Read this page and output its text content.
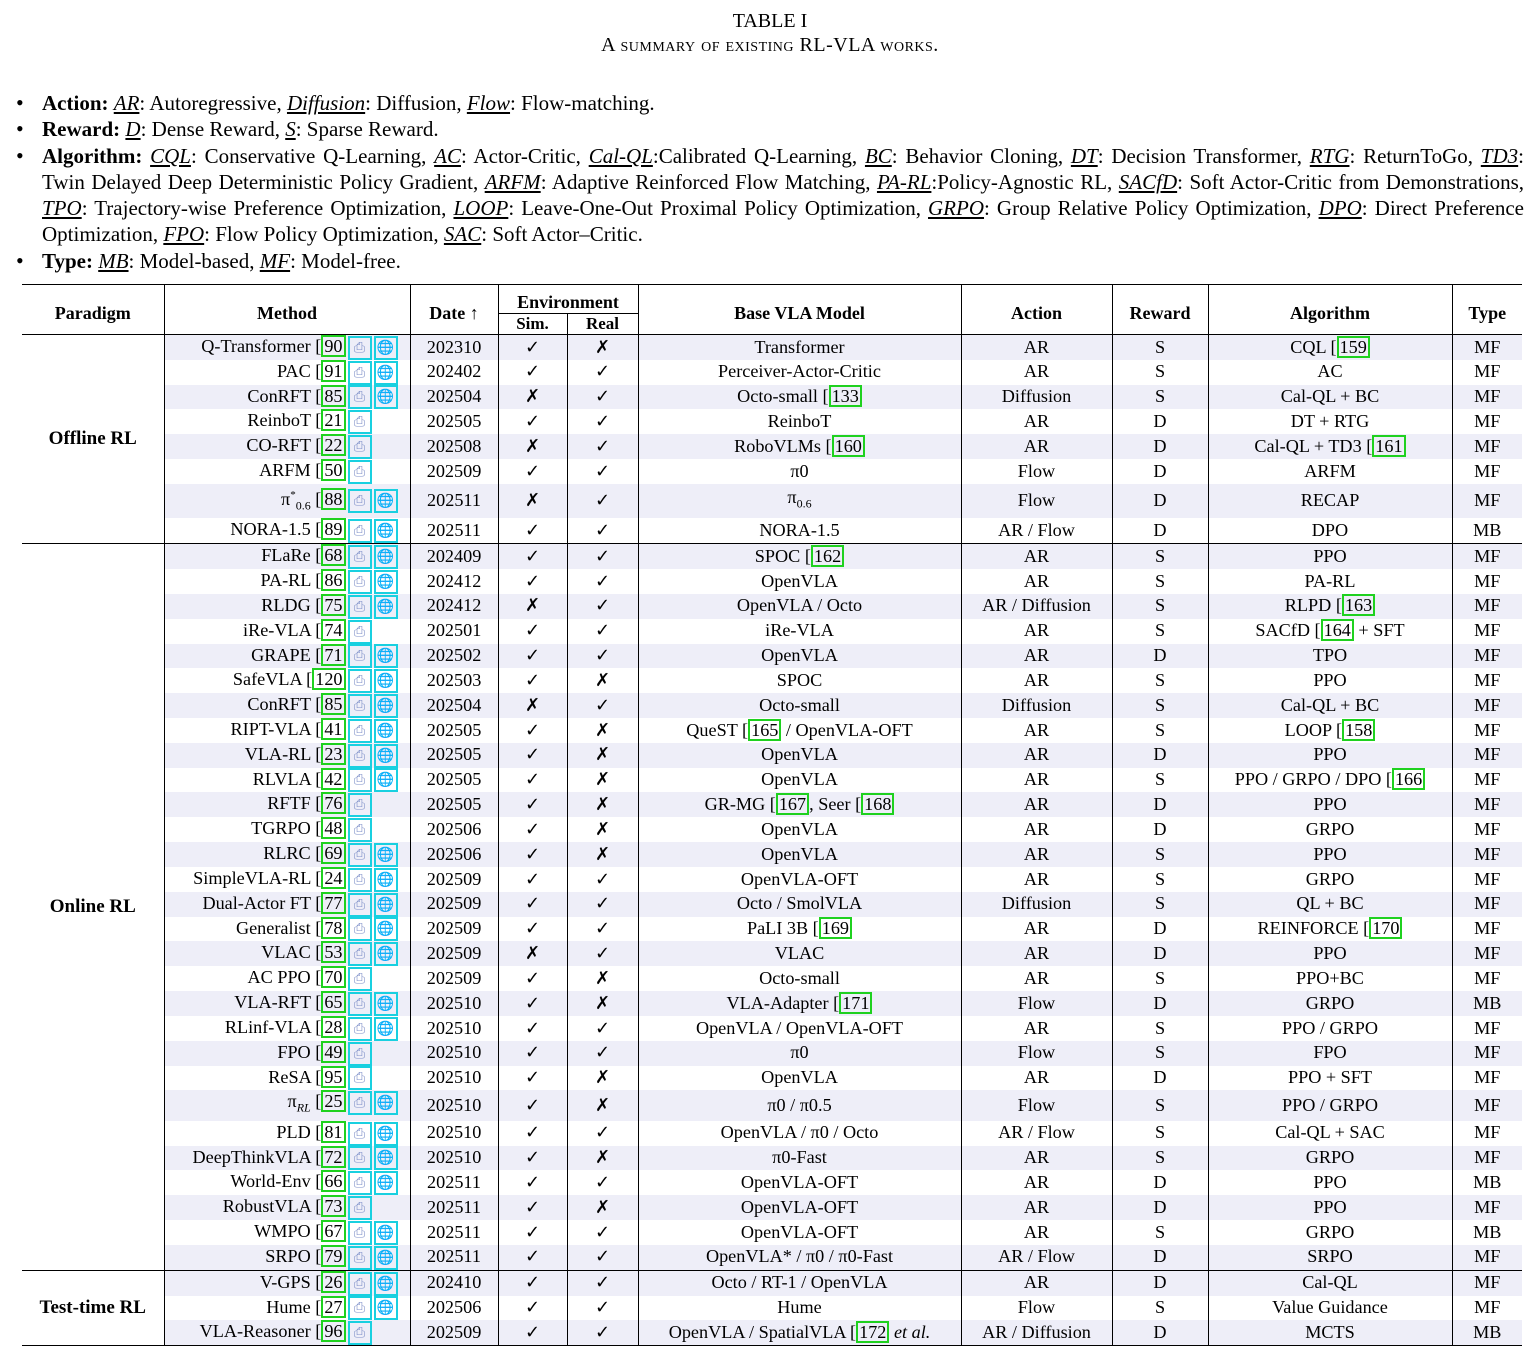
TABLE I
A summary of existing RL-VLA works.
• Action: AR: Autoregressive, Diffusion: Diffusion, Flow: Flow-matching.
• Reward: D: Dense Reward, S: Sparse Reward.
• Algorithm: CQL: Conservative Q-Learning, AC: Actor-Critic, Cal-QL:Calibrated Q-Learning, BC: Behavior Cloning, DT: Decision Transformer, RTG: ReturnToGo, TD3: Twin Delayed Deep Deterministic Policy Gradient, ARFM: Adaptive Reinforced Flow Matching, PA-RL:Policy-Agnostic RL, SACfD: Soft Actor-Critic from Demonstrations, TPO: Trajectory-wise Preference Optimization, LOOP: Leave-One-Out Proximal Policy Optimization, GRPO: Group Relative Policy Optimization, DPO: Direct Preference Optimization, FPO: Flow Policy Optimization, SAC: Soft Actor–Critic.
• Type: MB: Model-based, MF: Model-free.
Paradigm	Method	Date ↑	Environment		Base VLA Model	Action	Reward	Algorithm	Type
			Sim.	Real					
Offline RL	Q-Transformer [ 90 ⎙ 🌐	202310	✓	✗	Transformer	AR	S	CQL [ 159	MF
	PAC [ 91 ⎙ 🌐	202402	✓	✓	Perceiver-Actor-Critic	AR	S	AC	MF
	ConRFT [ 85 ⎙ 🌐	202504	✗	✓	Octo-small [ 133	Diffusion	S	Cal-QL + BC	MF
	ReinboT [ 21 ⎙	202505	✓	✓	ReinboT	AR	D	DT + RTG	MF
	CO-RFT [ 22 ⎙	202508	✗	✓	RoboVLMs [ 160	AR	D	Cal-QL + TD3 [ 161	MF
	ARFM [ 50 ⎙	202509	✓	✓	π0	Flow	D	ARFM	MF
	$\pi^*_{0.6}$ [ 88 ⎙ 🌐	202511	✗	✓	$\pi_{0.6}$	Flow	D	RECAP	MF
	NORA-1.5 [ 89 ⎙ 🌐	202511	✓	✓	NORA-1.5	AR / Flow	D	DPO	MB
Online RL	FLaRe [ 68 ⎙ 🌐	202409	✓	✓	SPOC [ 162	AR	S	PPO	MF
	PA-RL [ 86 ⎙ 🌐	202412	✓	✓	OpenVLA	AR	S	PA-RL	MF
	RLDG [ 75 ⎙ 🌐	202412	✗	✓	OpenVLA / Octo	AR / Diffusion	S	RLPD [ 163	MF
	iRe-VLA [ 74 ⎙	202501	✓	✓	iRe-VLA	AR	S	SACfD [ 164 + SFT	MF
	GRAPE [ 71 ⎙ 🌐	202502	✓	✓	OpenVLA	AR	D	TPO	MF
	SafeVLA [ 120 ⎙ 🌐	202503	✓	✗	SPOC	AR	S	PPO	MF
	ConRFT [ 85 ⎙ 🌐	202504	✗	✓	Octo-small	Diffusion	S	Cal-QL + BC	MF
	RIPT-VLA [ 41 ⎙ 🌐	202505	✓	✗	QueST [ 165 / OpenVLA-OFT	AR	S	LOOP [ 158	MF
	VLA-RL [ 23 ⎙ 🌐	202505	✓	✗	OpenVLA	AR	D	PPO	MF
	RLVLA [ 42 ⎙ 🌐	202505	✓	✗	OpenVLA	AR	S	PPO / GRPO / DPO [ 166	MF
	RFTF [ 76 ⎙	202505	✓	✗	GR-MG [ 167 , Seer [ 168	AR	D	PPO	MF
	TGRPO [ 48 ⎙	202506	✓	✗	OpenVLA	AR	D	GRPO	MF
	RLRC [ 69 ⎙ 🌐	202506	✓	✗	OpenVLA	AR	S	PPO	MF
	SimpleVLA-RL [ 24 ⎙ 🌐	202509	✓	✓	OpenVLA-OFT	AR	S	GRPO	MF
	Dual-Actor FT [ 77 ⎙ 🌐	202509	✓	✓	Octo / SmolVLA	Diffusion	S	QL + BC	MF
	Generalist [ 78 ⎙ 🌐	202509	✓	✓	PaLI 3B [ 169	AR	D	REINFORCE [ 170	MF
	VLAC [ 53 ⎙ 🌐	202509	✗	✓	VLAC	AR	D	PPO	MF
	AC PPO [ 70 ⎙	202509	✓	✗	Octo-small	AR	S	PPO+BC	MF
	VLA-RFT [ 65 ⎙ 🌐	202510	✓	✗	VLA-Adapter [ 171	Flow	D	GRPO	MB
	RLinf-VLA [ 28 ⎙ 🌐	202510	✓	✓	OpenVLA / OpenVLA-OFT	AR	S	PPO / GRPO	MF
	FPO [ 49 ⎙	202510	✓	✓	π0	Flow	S	FPO	MF
	ReSA [ 95 ⎙	202510	✓	✗	OpenVLA	AR	D	PPO + SFT	MF
	$\pi_{RL}$ [ 25 ⎙ 🌐	202510	✓	✗	π0 / π0.5	Flow	S	PPO / GRPO	MF
	PLD [ 81 ⎙ 🌐	202510	✓	✓	OpenVLA / π0 / Octo	AR / Flow	S	Cal-QL + SAC	MF
	DeepThinkVLA [ 72 ⎙ 🌐	202510	✓	✗	π0-Fast	AR	S	GRPO	MF
	World-Env [ 66 ⎙ 🌐	202511	✓	✓	OpenVLA-OFT	AR	D	PPO	MB
	RobustVLA [ 73 ⎙	202511	✓	✗	OpenVLA-OFT	AR	D	PPO	MF
	WMPO [ 67 ⎙ 🌐	202511	✓	✓	OpenVLA-OFT	AR	S	GRPO	MB
	SRPO [ 79 ⎙ 🌐	202511	✓	✓	OpenVLA* / π0 / π0-Fast	AR / Flow	D	SRPO	MF
Test-time RL	V-GPS [ 26 ⎙ 🌐	202410	✓	✓	Octo / RT-1 / OpenVLA	AR	D	Cal-QL	MF
	Hume [ 27 ⎙ 🌐	202506	✓	✓	Hume	Flow	S	Value Guidance	MF
	VLA-Reasoner [ 96 ⎙	202509	✓	✓	OpenVLA / SpatialVLA [ 172 et al.	AR / Diffusion	D	MCTS	MB
